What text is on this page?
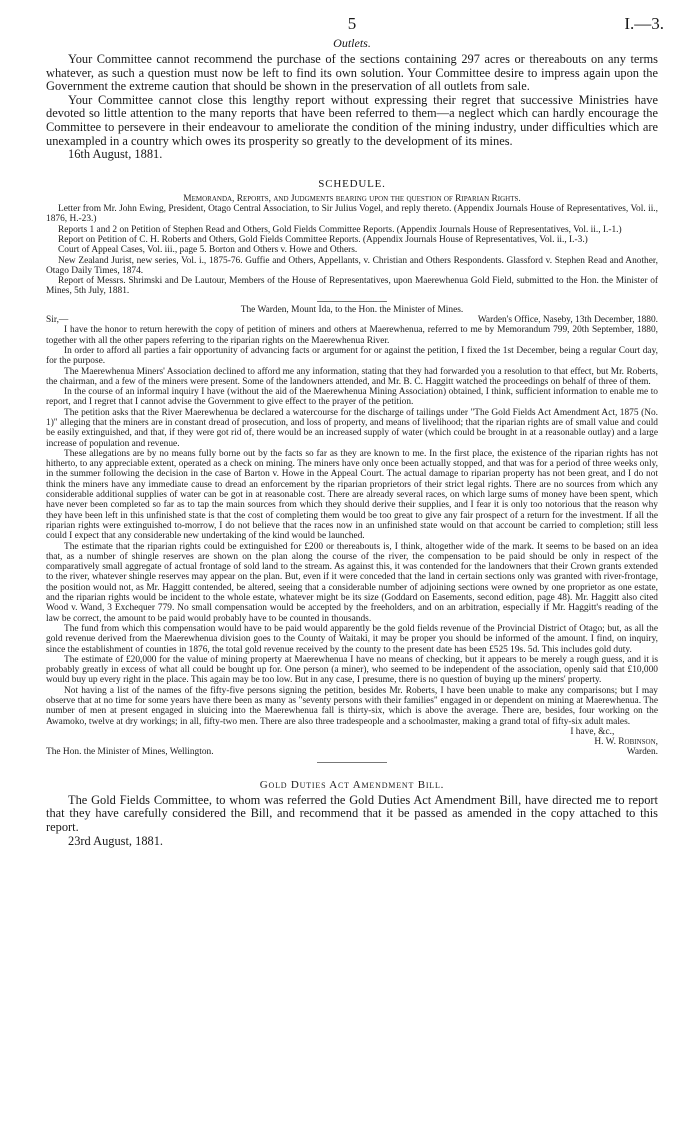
5	I.—3.
Outlets.

Your Committee cannot recommend the purchase of the sections containing 297 acres or thereabouts on any terms whatever, as such a question must now be left to find its own solution. Your Committee desire to impress again upon the Government the extreme caution that should be shown in the preservation of all outlets from sale.

Your Committee cannot close this lengthy report without expressing their regret that successive Ministries have devoted so little attention to the many reports that have been referred to them—a neglect which can hardly encourage the Committee to persevere in their endeavour to ameliorate the condition of the mining industry, under difficulties which are unexampled in a country which owes its prosperity so greatly to the development of its mines.

16th August, 1881.
SCHEDULE.

Memoranda, Reports, and Judgments bearing upon the question of Riparian Rights.

Letter from Mr. John Ewing, President, Otago Central Association, to Sir Julius Vogel, and reply thereto. (Appendix Journals House of Representatives, Vol. ii., 1876, H.-23.)

Reports 1 and 2 on Petition of Stephen Read and Others, Gold Fields Committee Reports. (Appendix Journals House of Representatives, Vol. ii., I.-1.)

Report on Petition of C. H. Roberts and Others, Gold Fields Committee Reports. (Appendix Journals House of Representatives, Vol. ii., I.-3.)

Court of Appeal Cases, Vol. iii., page 5. Borton and Others v. Howe and Others.

New Zealand Jurist, new series, Vol. i., 1875-76. Guffie and Others, Appellants, v. Christian and Others Respondents. Glassford v. Stephen Read and Another, Otago Daily Times, 1874.

Report of Messrs. Shrimski and De Lautour, Members of the House of Representatives, upon Maerewhenua Gold Field, submitted to the Hon. the Minister of Mines, 5th July, 1881.

The Warden, Mount Ida, to the Hon. the Minister of Mines.

Sir,—	Warden's Office, Naseby, 13th December, 1880.

I have the honor to return herewith the copy of petition of miners and others at Maerewhenua, referred to me by Memorandum 799, 20th September, 1880, together with all the other papers referring to the riparian rights on the Maerewhenua River.

In order to afford all parties a fair opportunity of advancing facts or argument for or against the petition, I fixed the 1st December, being a regular Court day, for the purpose.

The Maerewhenua Miners' Association declined to afford me any information, stating that they had forwarded you a resolution to that effect, but Mr. Roberts, the chairman, and a few of the miners were present. Some of the landowners attended, and Mr. B. C. Haggitt watched the proceedings on behalf of three of them.

In the course of an informal inquiry I have (without the aid of the Maerewhenua Mining Association) obtained, I think, sufficient information to enable me to report, and I regret that I cannot advise the Government to give effect to the prayer of the petition.

The petition asks that the River Maerewhenua be declared a watercourse for the discharge of tailings under "The Gold Fields Act Amendment Act, 1875 (No. 1)" alleging that the miners are in constant dread of prosecution, and loss of property, and means of livelihood; that the riparian rights are of small value and could be easily extinguished, and that, if they were got rid of, there would be an increased supply of water (which could be brought in at a reasonable outlay) and a large increase of population and revenue.

These allegations are by no means fully borne out by the facts so far as they are known to me. In the first place, the existence of the riparian rights has not hitherto, to any appreciable extent, operated as a check on mining. The miners have only once been actually stopped, and that was for a period of three weeks only, in the summer following the decision in the case of Barton v. Howe in the Appeal Court. The actual damage to riparian property has not been great, and I do not think the miners have any immediate cause to dread an enforcement by the riparian proprietors of their strict legal rights. There are no sources from which any considerable additional supplies of water can be got in at reasonable cost. There are already several races, on which large sums of money have been spent, which have never been completed so far as to tap the main sources from which they should derive their supplies, and I fear it is only too notorious that the reason why they have been left in this unfinished state is that the cost of completing them would be too great to give any fair prospect of a return for the investment. If all the riparian rights were extinguished to-morrow, I do not believe that the races now in an unfinished state would on that account be carried to completion; still less could I expect that any considerable new undertaking of the kind would be launched.

The estimate that the riparian rights could be extinguished for £200 or thereabouts is, I think, altogether wide of the mark. It seems to be based on an idea that, as a number of shingle reserves are shown on the plan along the course of the river, the compensation to be paid should be only in respect of the comparatively small aggregate of actual frontage of sold land to the stream. As against this, it was contended for the landowners that their Crown grants extended to the river, whatever shingle reserves may appear on the plan. But, even if it were conceded that the land in certain sections only was granted with river-frontage, the position would not, as Mr. Haggitt contended, be altered, seeing that a considerable number of adjoining sections were owned by one proprietor as one estate, and the riparian rights would be incident to the whole estate, whatever might be its size (Goddard on Easements, second edition, page 48). Mr. Haggitt also cited Wood v. Wand, 3 Exchequer 779. No small compensation would be accepted by the freeholders, and on an arbitration, especially if Mr. Haggitt's reading of the law be correct, the amount to be paid would probably have to be counted in thousands.

The fund from which this compensation would have to be paid would apparently be the gold fields revenue of the Provincial District of Otago; but, as all the gold revenue derived from the Maerewhenua division goes to the County of Waitaki, it may be proper you should be informed of the amount. I find, on inquiry, since the establishment of counties in 1876, the total gold revenue received by the county to the present date has been £525 19s. 5d. This includes gold duty.

The estimate of £20,000 for the value of mining property at Maerewhenua I have no means of checking, but it appears to be merely a rough guess, and it is probably greatly in excess of what all could be bought up for. One person (a miner), who seemed to be independent of the association, openly said that £10,000 would buy up every right in the place. This again may be too low. But in any case, I presume, there is no question of buying up the miners' property.

Not having a list of the names of the fifty-five persons signing the petition, besides Mr. Roberts, I have been unable to make any comparisons; but I may observe that at no time for some years have there been as many as "seventy persons with their families" engaged in or dependent on mining at Maerewhenua. The number of men at present engaged in sluicing into the Maerewhenua fall is thirty-six, which is above the average. There are, besides, four working on the Awamoko, twelve at dry workings; in all, fifty-two men. There are also three tradespeople and a schoolmaster, making a grand total of fifty-six adult males.

I have, &c.,
H. W. Robinson,
The Hon. the Minister of Mines, Wellington.	Warden.
Gold Duties Act Amendment Bill.

The Gold Fields Committee, to whom was referred the Gold Duties Act Amendment Bill, have directed me to report that they have carefully considered the Bill, and recommend that it be passed as amended in the copy attached to this report.

23rd August, 1881.
